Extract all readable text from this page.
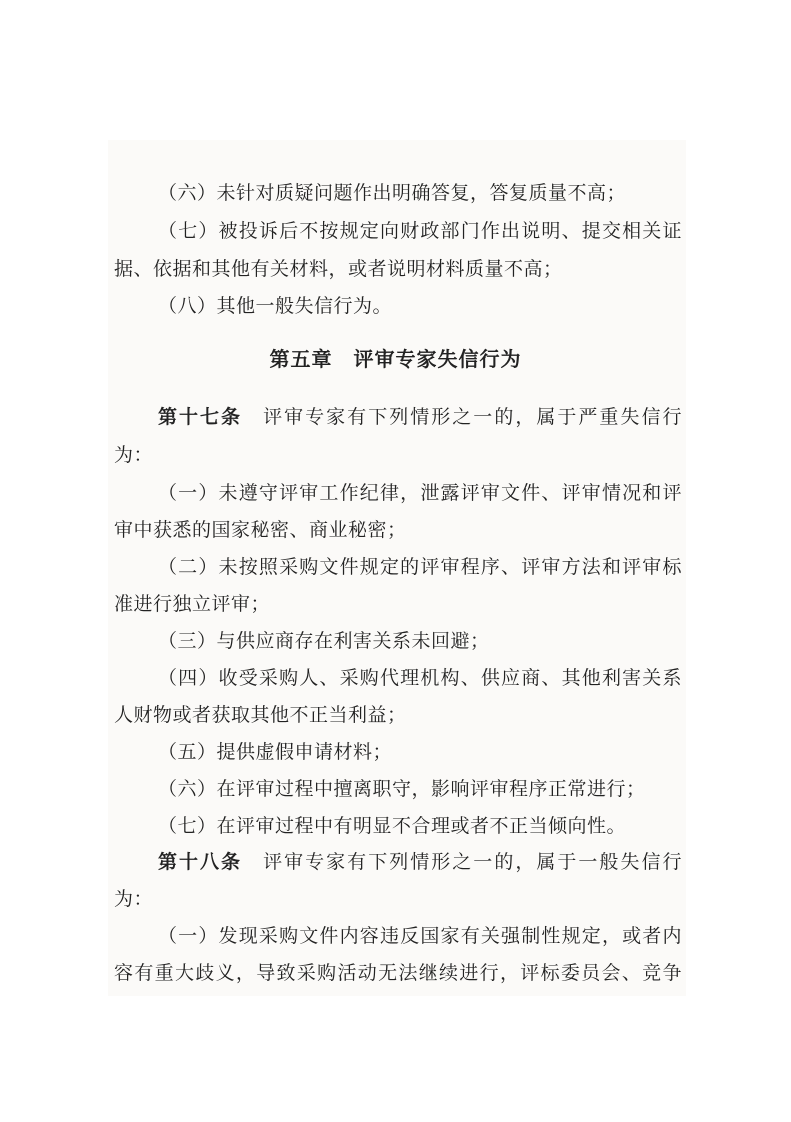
（六）未针对质疑问题作出明确答复，答复质量不高；
（七）被投诉后不按规定向财政部门作出说明、提交相关证
据、依据和其他有关材料，或者说明材料质量不高；
（八）其他一般失信行为。
第五章　评审专家失信行为
第十七条　 评审专家有下列情形之一的，属于严重失信行
为：
（一）未遵守评审工作纪律，泄露评审文件、评审情况和评
审中获悉的国家秘密、商业秘密；
（二）未按照采购文件规定的评审程序、评审方法和评审标
准进行独立评审；
（三）与供应商存在利害关系未回避；
（四）收受采购人、采购代理机构、供应商、其他利害关系
人财物或者获取其他不正当利益；
（五）提供虚假申请材料；
（六）在评审过程中擅离职守，影响评审程序正常进行；
（七）在评审过程中有明显不合理或者不正当倾向性。
第十八条　 评审专家有下列情形之一的，属于一般失信行
为：
（一）发现采购文件内容违反国家有关强制性规定，或者内
容有重大歧义，导致采购活动无法继续进行，评标委员会、竞争
